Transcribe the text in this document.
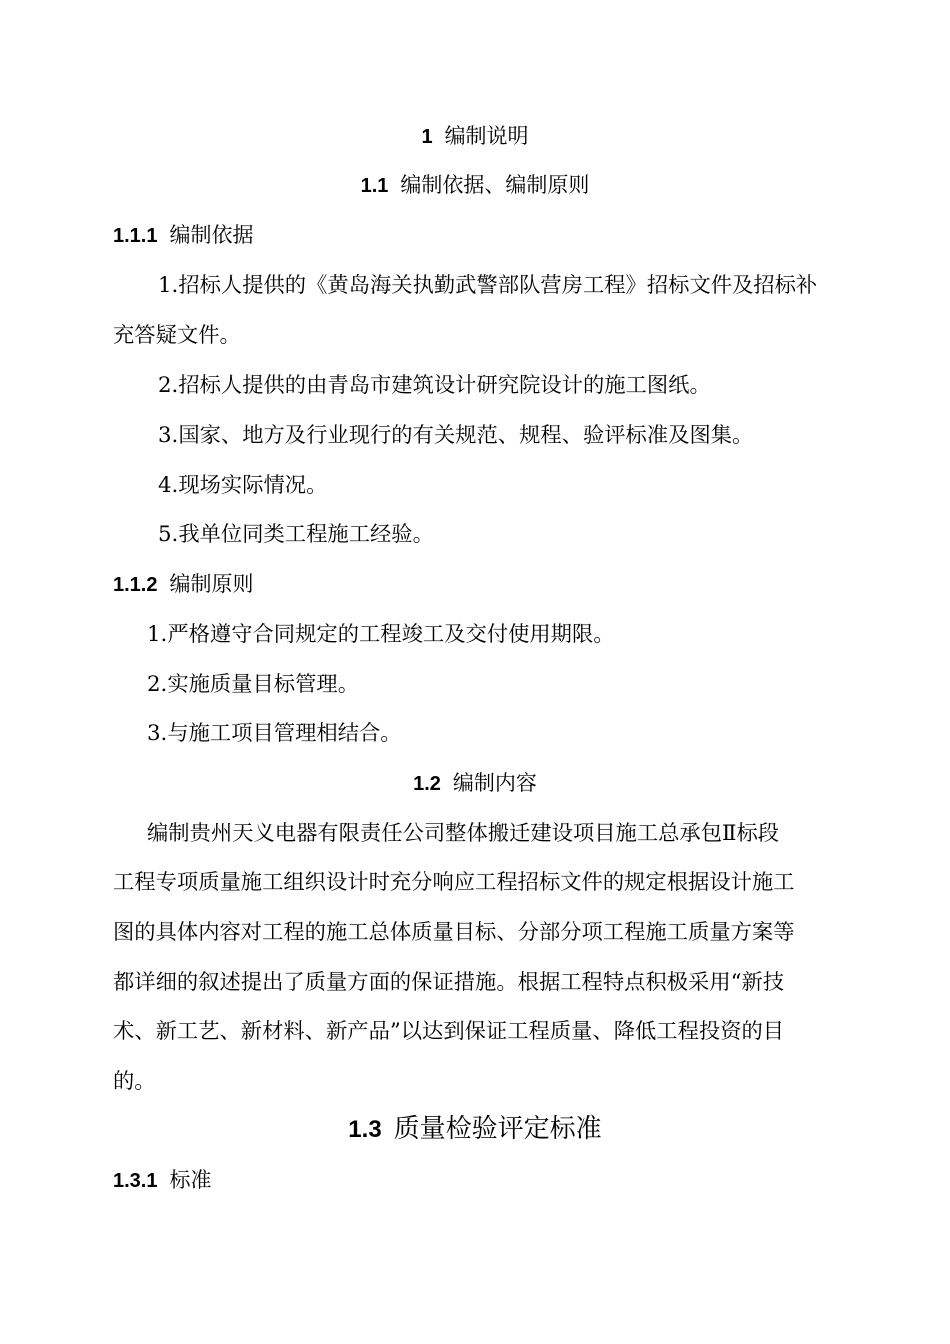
1 编制说明
1.1 编制依据、编制原则
1.1.1 编制依据
1.招标人提供的《黄岛海关执勤武警部队营房工程》招标文件及招标补
充答疑文件。
2.招标人提供的由青岛市建筑设计研究院设计的施工图纸。
3.国家、地方及行业现行的有关规范、规程、验评标准及图集。
4.现场实际情况。
5.我单位同类工程施工经验。
1.1.2 编制原则
1.严格遵守合同规定的工程竣工及交付使用期限。
2.实施质量目标管理。
3.与施工项目管理相结合。
1.2 编制内容
编制贵州天义电器有限责任公司整体搬迁建设项目施工总承包Ⅱ标段
工程专项质量施工组织设计时充分响应工程招标文件的规定根据设计施工
图的具体内容对工程的施工总体质量目标、分部分项工程施工质量方案等
都详细的叙述提出了质量方面的保证措施。根据工程特点积极采用“新技
术、新工艺、新材料、新产品”以达到保证工程质量、降低工程投资的目
的。
1.3 质量检验评定标准
1.3.1 标准
